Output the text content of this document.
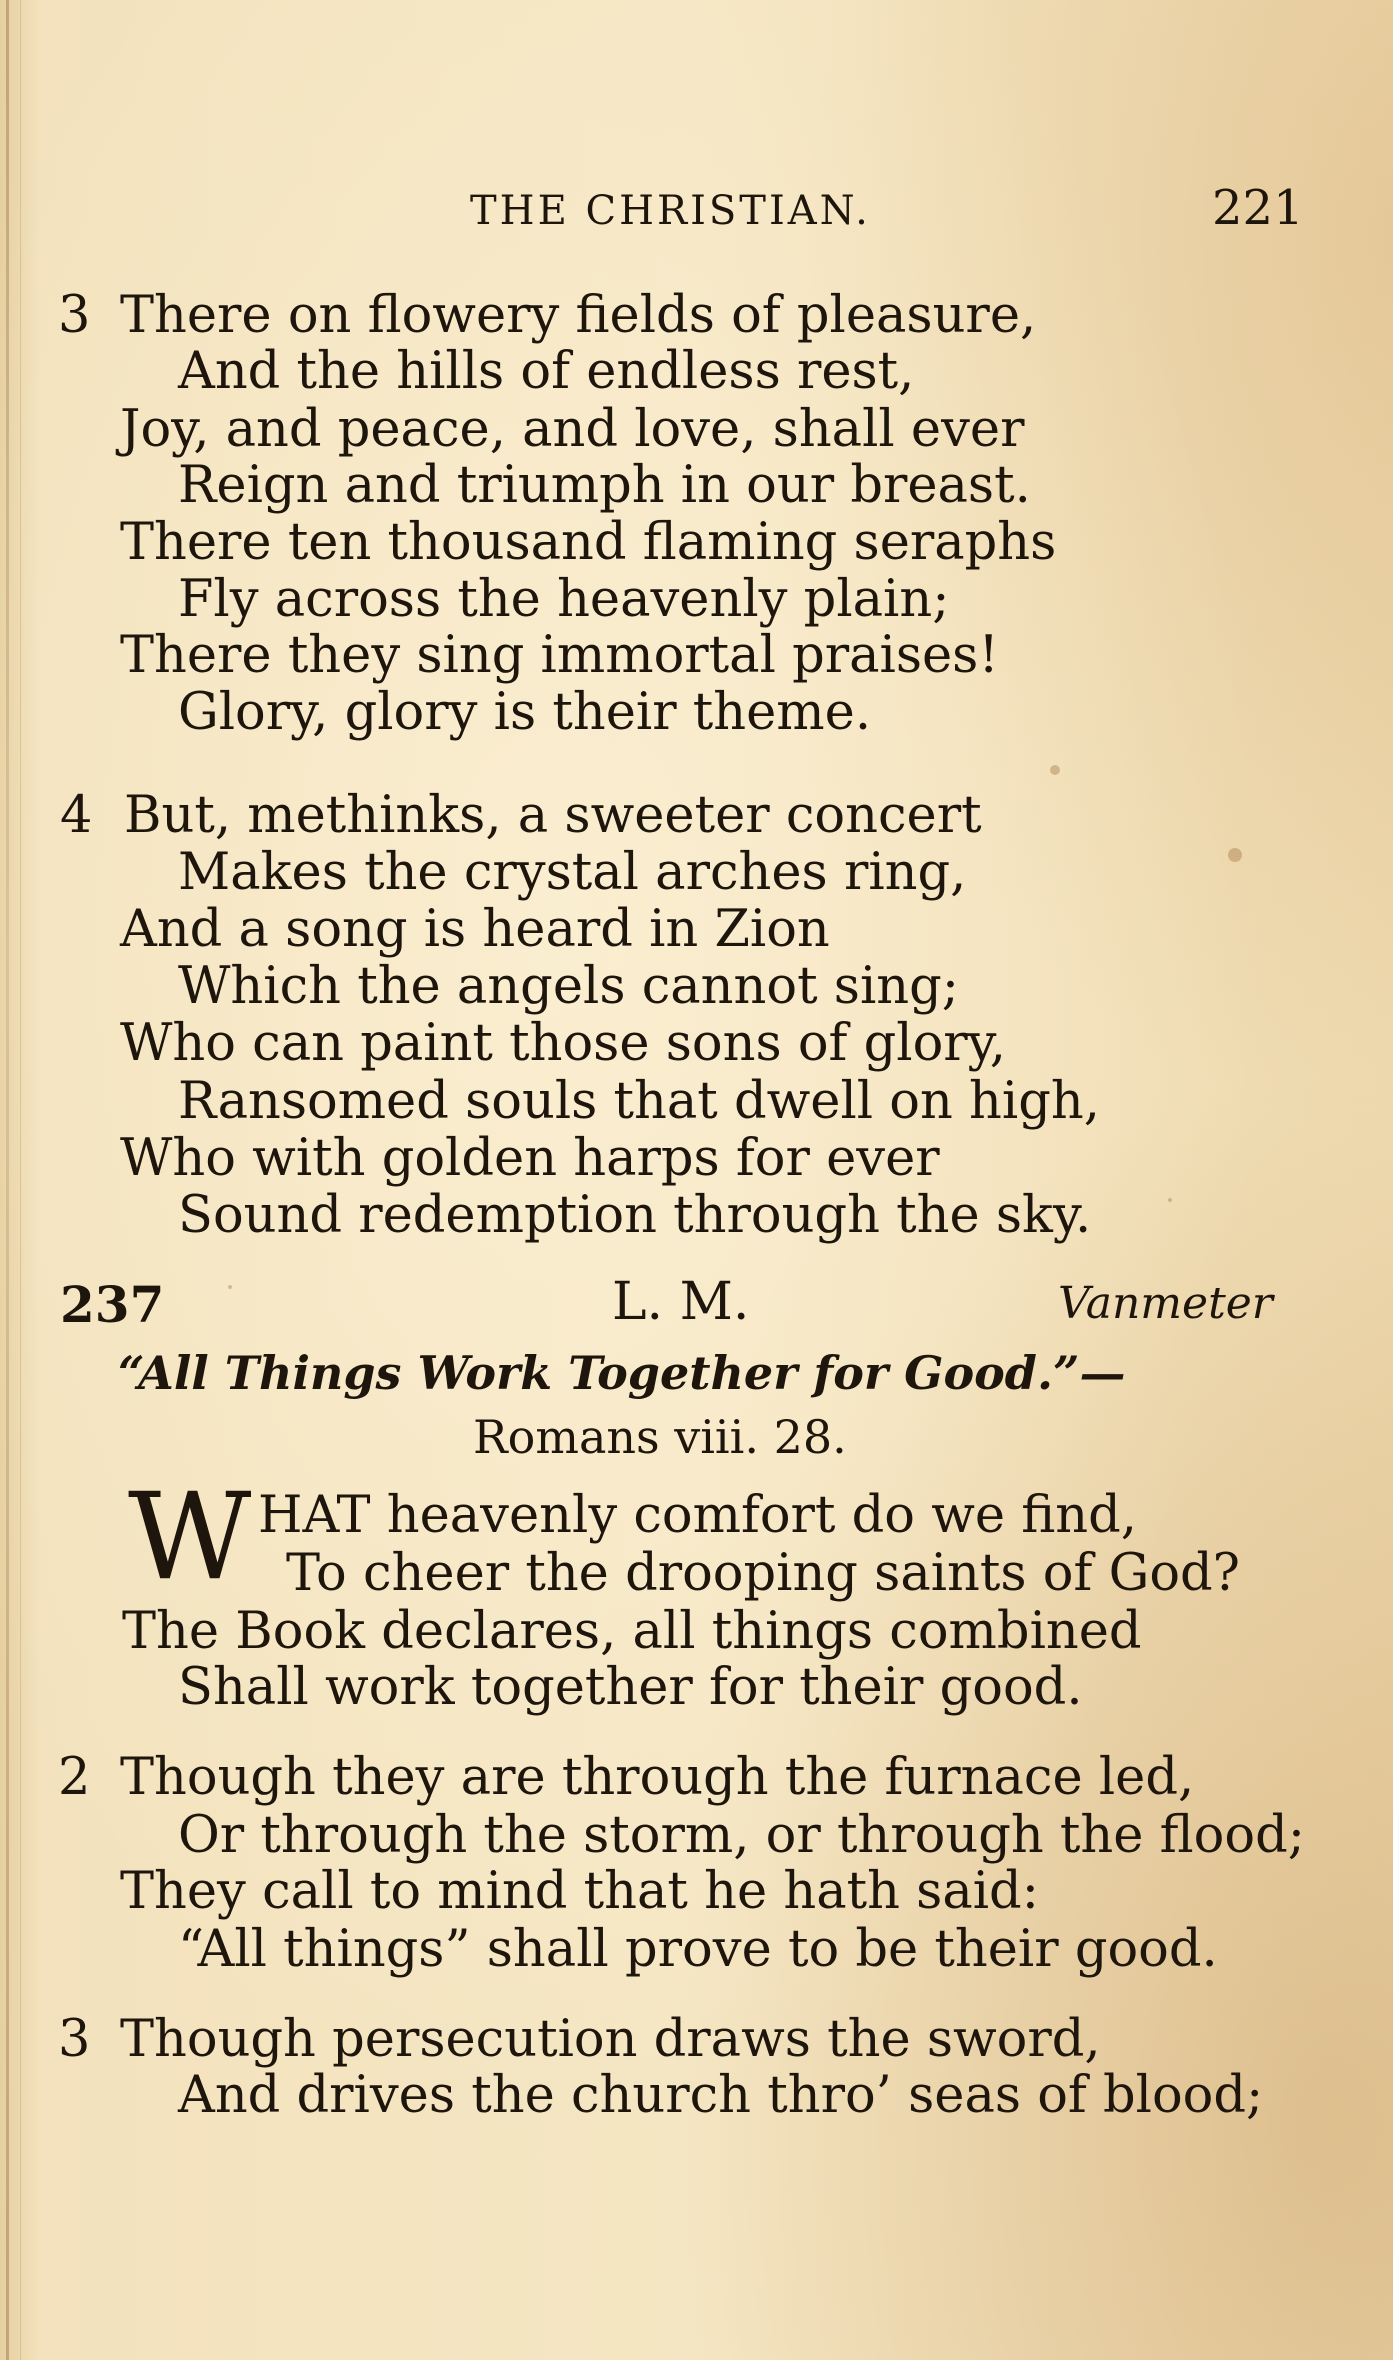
THE CHRISTIAN.	221
3 There on flowery fields of pleasure,
And the hills of endless rest,
Joy, and peace, and love, shall ever
Reign and triumph in our breast.
There ten thousand flaming seraphs
Fly across the heavenly plain;
There they sing immortal praises!
Glory, glory is their theme.
4 But, methinks, a sweeter concert
Makes the crystal arches ring,
And a song is heard in Zion
Which the angels cannot sing;
Who can paint those sons of glory,
Ransomed souls that dwell on high,
Who with golden harps for ever
Sound redemption through the sky.
237	L. M.	Vanmeter
“All Things Work Together for Good.”—
Romans viii. 28.
W HAT heavenly comfort do we find,
To cheer the drooping saints of God?
The Book declares, all things combined
Shall work together for their good.
2 Though they are through the furnace led,
Or through the storm, or through the flood;
They call to mind that he hath said:
“All things” shall prove to be their good.
3 Though persecution draws the sword,
And drives the church thro’ seas of blood;
